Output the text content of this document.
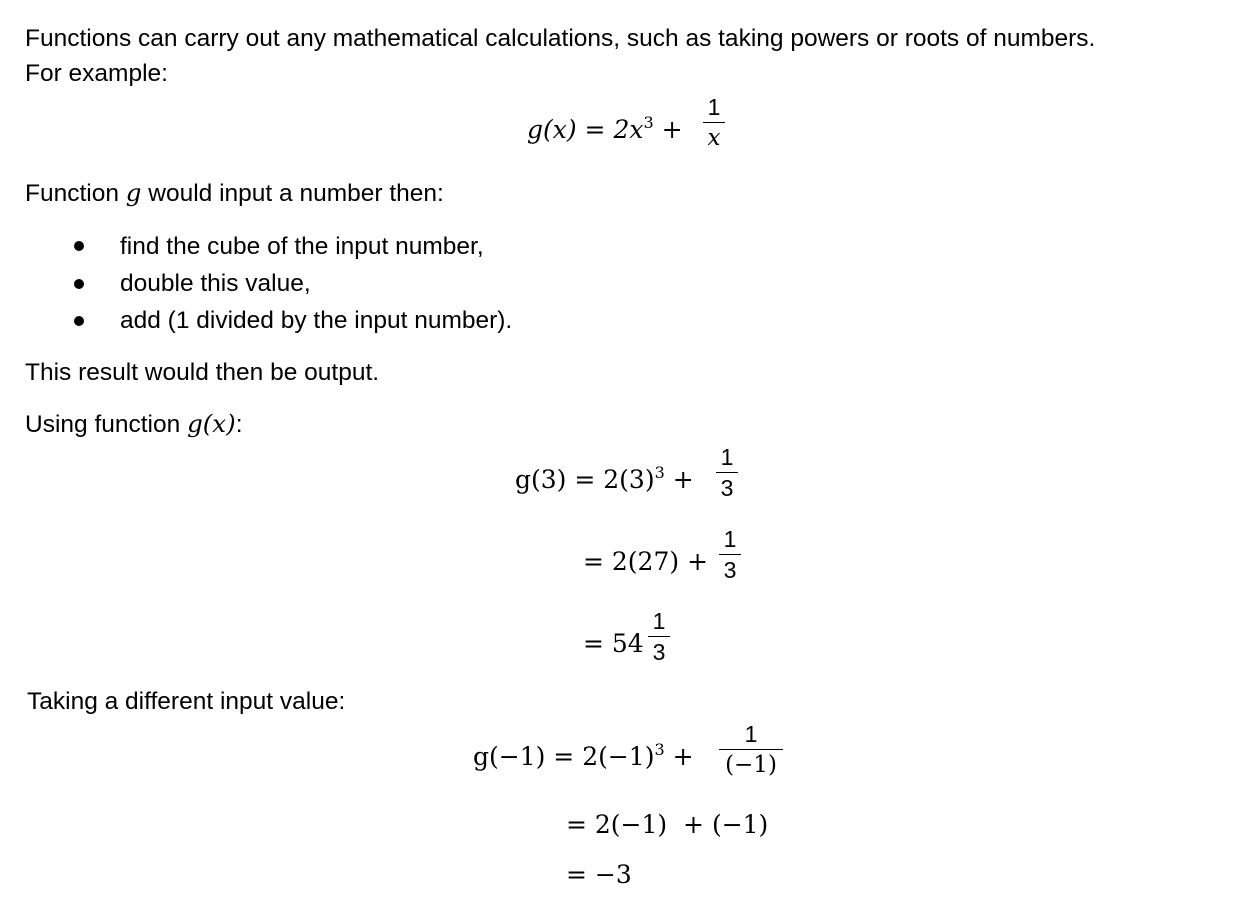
Functions can carry out any mathematical calculations, such as taking powers or roots of numbers.
For example:
$g(x) = 2x^3$ +
1
x
Function g would input a number then:
find the cube of the input number,
double this value,
add (1 divided by the input number).
This result would then be output.
Using function g(x):
$g(3) = 2(3)^3$ +
1
3
= 2(27) +
1
3
= 54
1
3
Taking a different input value:
$g(-1) = 2(-1)^3$ +
1
(−1)
= 2(−1)  + (−1)
= −3
